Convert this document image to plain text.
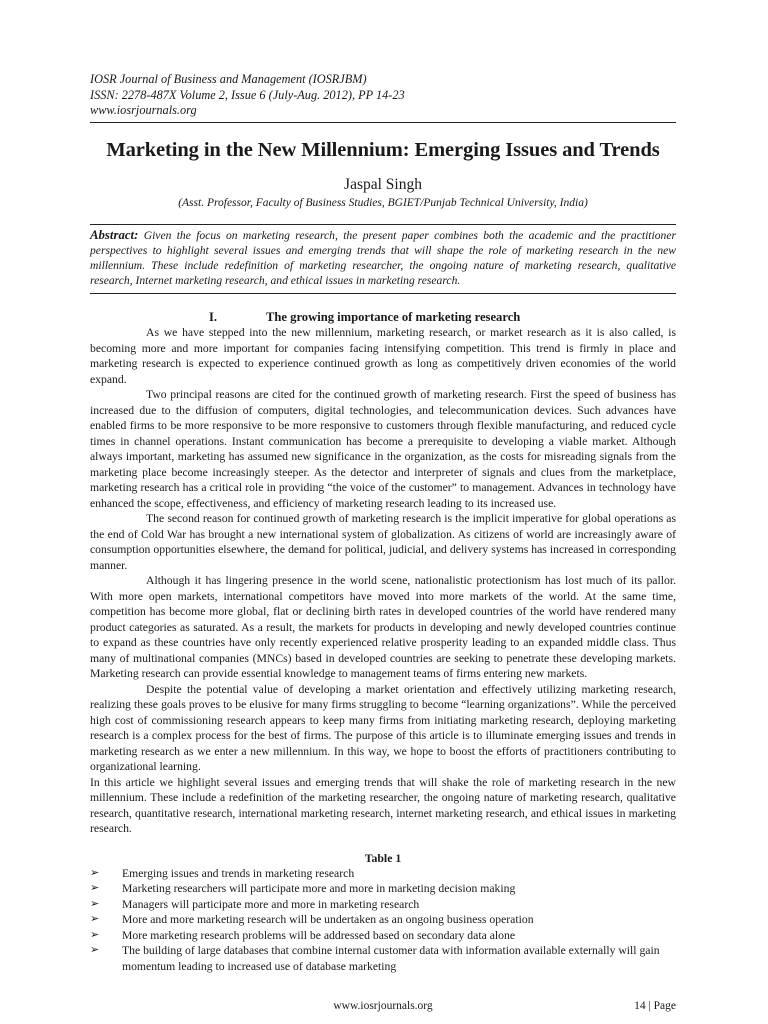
IOSR Journal of Business and Management (IOSRJBM)
ISSN: 2278-487X Volume 2, Issue 6 (July-Aug. 2012), PP 14-23
www.iosrjournals.org
Marketing in the New Millennium: Emerging Issues and Trends
Jaspal Singh
(Asst. Professor, Faculty of Business Studies, BGIET/Punjab Technical University, India)
Abstract: Given the focus on marketing research, the present paper combines both the academic and the practitioner perspectives to highlight several issues and emerging trends that will shape the role of marketing research in the new millennium. These include redefinition of marketing researcher, the ongoing nature of marketing research, qualitative research, Internet marketing research, and ethical issues in marketing research.
I.	The growing importance of marketing research

As we have stepped into the new millennium, marketing research, or market research as it is also called, is becoming more and more important for companies facing intensifying competition. This trend is firmly in place and marketing research is expected to experience continued growth as long as competitively driven economies of the world expand.

Two principal reasons are cited for the continued growth of marketing research. First the speed of business has increased due to the diffusion of computers, digital technologies, and telecommunication devices. Such advances have enabled firms to be more responsive to be more responsive to customers through flexible manufacturing, and reduced cycle times in channel operations. Instant communication has become a prerequisite to developing a viable market. Although always important, marketing has assumed new significance in the organization, as the costs for misreading signals from the marketing place become increasingly steeper. As the detector and interpreter of signals and clues from the marketplace, marketing research has a critical role in providing “the voice of the customer” to management. Advances in technology have enhanced the scope, effectiveness, and efficiency of marketing research leading to its increased use.

The second reason for continued growth of marketing research is the implicit imperative for global operations as the end of Cold War has brought a new international system of globalization. As citizens of world are increasingly aware of consumption opportunities elsewhere, the demand for political, judicial, and delivery systems has increased in corresponding manner.

Although it has lingering presence in the world scene, nationalistic protectionism has lost much of its pallor. With more open markets, international competitors have moved into more markets of the world. At the same time, competition has become more global, flat or declining birth rates in developed countries of the world have rendered many product categories as saturated. As a result, the markets for products in developing and newly developed countries continue to expand as these countries have only recently experienced relative prosperity leading to an expanded middle class. Thus many of multinational companies (MNCs) based in developed countries are seeking to penetrate these developing markets. Marketing research can provide essential knowledge to management teams of firms entering new markets.

Despite the potential value of developing a market orientation and effectively utilizing marketing research, realizing these goals proves to be elusive for many firms struggling to become “learning organizations”. While the perceived high cost of commissioning research appears to keep many firms from initiating marketing research, deploying marketing research is a complex process for the best of firms. The purpose of this article is to illuminate emerging issues and trends in marketing research as we enter a new millennium. In this way, we hope to boost the efforts of practitioners contributing to organizational learning.

In this article we highlight several issues and emerging trends that will shake the role of marketing research in the new millennium. These include a redefinition of the marketing researcher, the ongoing nature of marketing research, qualitative research, quantitative research, international marketing research, internet marketing research, and ethical issues in marketing research.

Table 1
➢ Emerging issues and trends in marketing research
➢ Marketing researchers will participate more and more in marketing decision making
➢ Managers will participate more and more in marketing research
➢ More and more marketing research will be undertaken as an ongoing business operation
➢ More marketing research problems will be addressed based on secondary data alone
➢ The building of large databases that combine internal customer data with information available externally will gain momentum leading to increased use of database marketing
www.iosrjournals.org	14 | Page
